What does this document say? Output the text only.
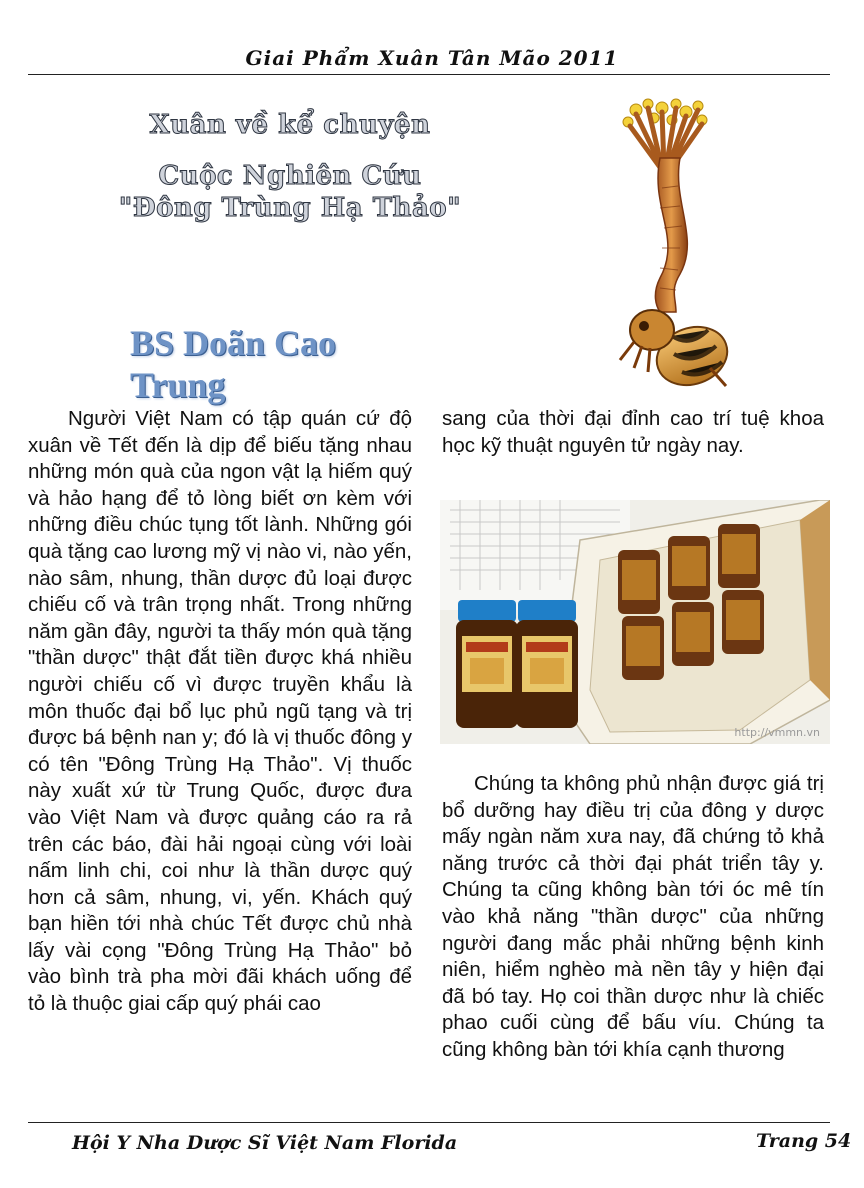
Giai Phẩm Xuân Tân Mão 2011
Xuân về kể chuyện
Cuộc Nghiên Cứu
"Đông Trùng Hạ Thảo"
BS Doãn Cao Trung
Người Việt Nam có tập quán cứ độ xuân về Tết đến là dịp để biếu tặng nhau những món quà của ngon vật lạ hiếm quý và hảo hạng để tỏ lòng biết ơn kèm với những điều chúc tụng tốt lành. Những gói quà tặng cao lương mỹ vị nào vi, nào yến, nào sâm, nhung, thần dược đủ loại được chiếu cố và trân trọng nhất. Trong những năm gần đây, người ta thấy món quà tặng "thần dược" thật đắt tiền được khá nhiều người chiếu cố vì được truyền khẩu là môn thuốc đại bổ lục phủ ngũ tạng và trị được bá bệnh nan y; đó là vị thuốc đông y có tên "Đông Trùng Hạ Thảo". Vị thuốc này xuất xứ từ Trung Quốc, được đưa vào Việt Nam và được quảng cáo ra rả trên các báo, đài hải ngoại cùng với loài nấm linh chi, coi như là thần dược quý hơn cả sâm, nhung, vi, yến. Khách quý bạn hiền tới nhà chúc Tết được chủ nhà lấy vài cọng "Đông Trùng Hạ Thảo" bỏ vào bình trà pha mời đãi khách uống để tỏ là thuộc giai cấp quý phái cao
sang của thời đại đỉnh cao trí tuệ khoa học kỹ thuật nguyên tử ngày nay.
http://vmmn.vn
Chúng ta không phủ nhận được giá trị bổ dưỡng hay điều trị của đông y dược mấy ngàn năm xưa nay, đã chứng tỏ khả năng trước cả thời đại phát triển tây y. Chúng ta cũng không bàn tới óc mê tín vào khả năng "thần dược" của những người đang mắc phải những bệnh kinh niên, hiểm nghèo mà nền tây y hiện đại đã bó tay. Họ coi thần dược như là chiếc phao cuối cùng để bấu víu. Chúng ta cũng không bàn tới khía cạnh thương
Hội Y Nha Dược Sĩ Việt Nam Florida	Trang 54
